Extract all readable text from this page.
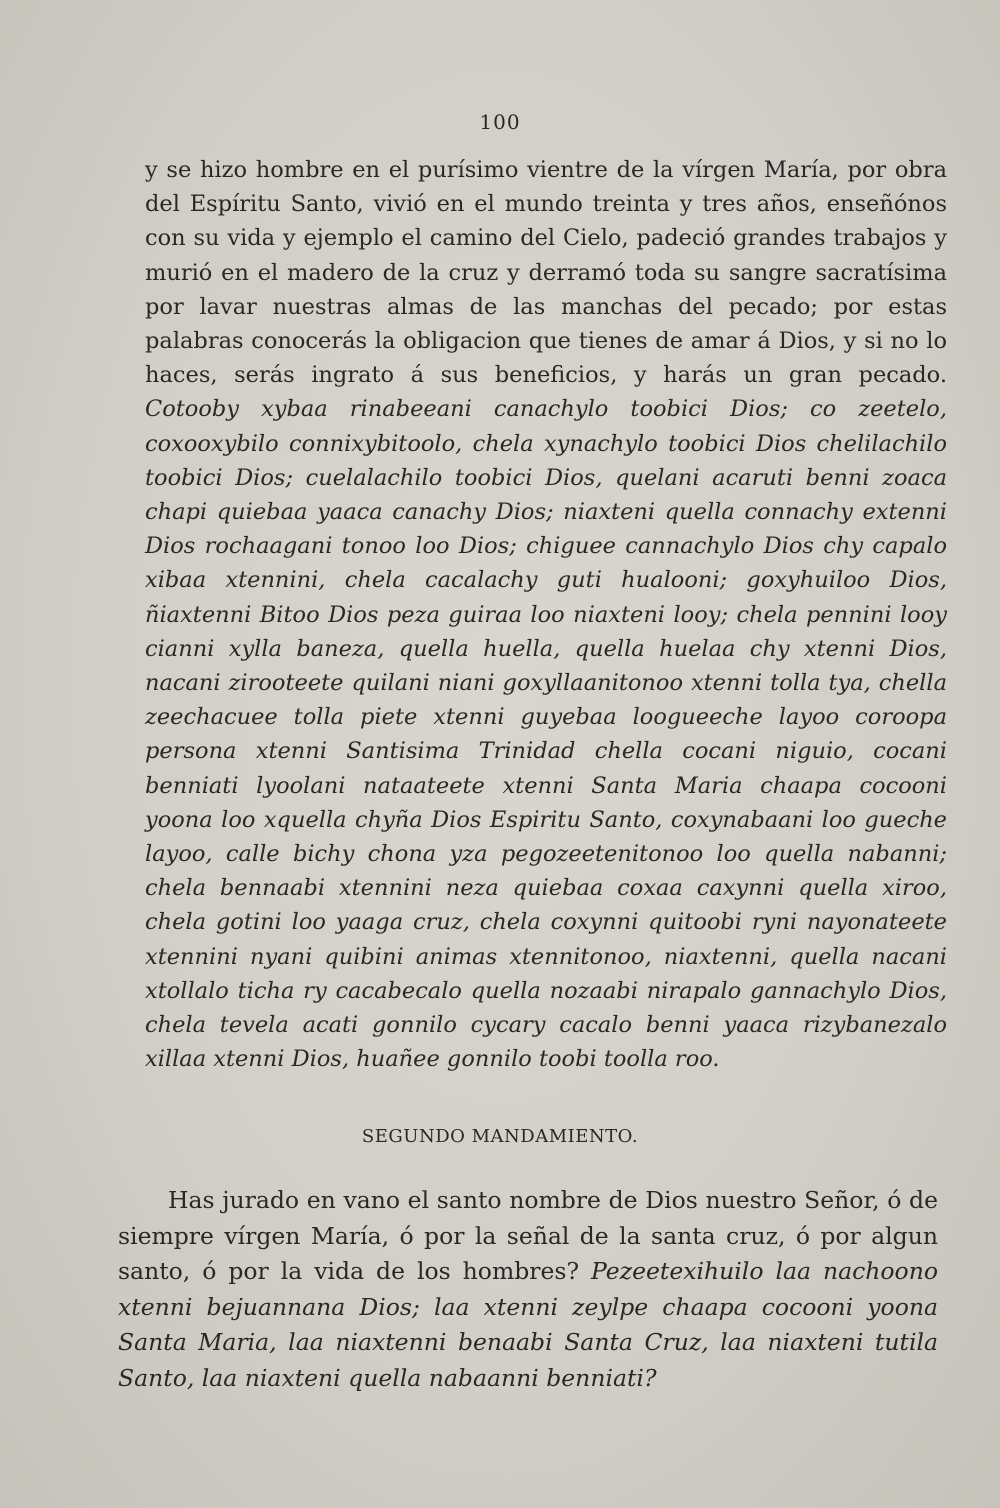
100

y se hizo hombre en el purísimo vientre de la vírgen María, por obra del Espíritu Santo, vivió en el mundo treinta y tres años, enseñónos con su vida y ejemplo el camino del Cielo, padeció grandes trabajos y murió en el madero de la cruz y derramó toda su sangre sacratísima por lavar nuestras almas de las manchas del pecado; por estas palabras conocerás la obligacion que tienes de amar á Dios, y si no lo haces, serás ingrato á sus beneficios, y harás un gran pecado. Cotooby xybaa rinabeeani canachylo toobici Dios; co zeetelo, coxooxybilo connixybitoolo, chela xynachylo toobici Dios chelilachilo toobici Dios; cuelalachilo toobici Dios, quelani acaruti benni zoaca chapi quiebaa yaaca canachy Dios; niaxteni quella connachy extenni Dios rochaagani tonoo loo Dios; chiguee cannachylo Dios chy capalo xibaa xtennini, chela cacalachy guti hualooni; goxyhuiloo Dios, ñiaxtenni Bitoo Dios peza guiraa loo niaxteni looy; chela pennini looy cianni xylla baneza, quella huella, quella huelaa chy xtenni Dios, nacani zirooteete quilani niani goxyllaanitonoo xtenni tolla tya, chella zeechacuee tolla piete xtenni guyebaa loogueeche layoo coroopa persona xtenni Santisima Trinidad chella cocani niguio, cocani benniati lyoolani nataateete xtenni Santa Maria chaapa cocooni yoona loo xquella chyña Dios Espiritu Santo, coxynabaani loo gueche layoo, calle bichy chona yza pegozeetenitonoo loo quella nabanni; chela bennaabi xtennini neza quiebaa coxaa caxynni quella xiroo, chela gotini loo yaaga cruz, chela coxynni quitoobi ryni nayonateete xtennini nyani quibini animas xtennitonoo, niaxtenni, quella nacani xtollalo ticha ry cacabecalo quella nozaabi nirapalo gannachylo Dios, chela tevela acati gonnilo cycary cacalo benni yaaca rizybanezalo xillaa xtenni Dios, huañee gonnilo toobi toolla roo.

SEGUNDO MANDAMIENTO.

Has jurado en vano el santo nombre de Dios nuestro Señor, ó de siempre vírgen María, ó por la señal de la santa cruz, ó por algun santo, ó por la vida de los hombres? Pezeetexihuilo laa nachoono xtenni bejuannana Dios; laa xtenni zeylpe chaapa cocooni yoona Santa Maria, laa niaxtenni benaabi Santa Cruz, laa niaxteni tutila Santo, laa niaxteni quella nabaanni benniati?
